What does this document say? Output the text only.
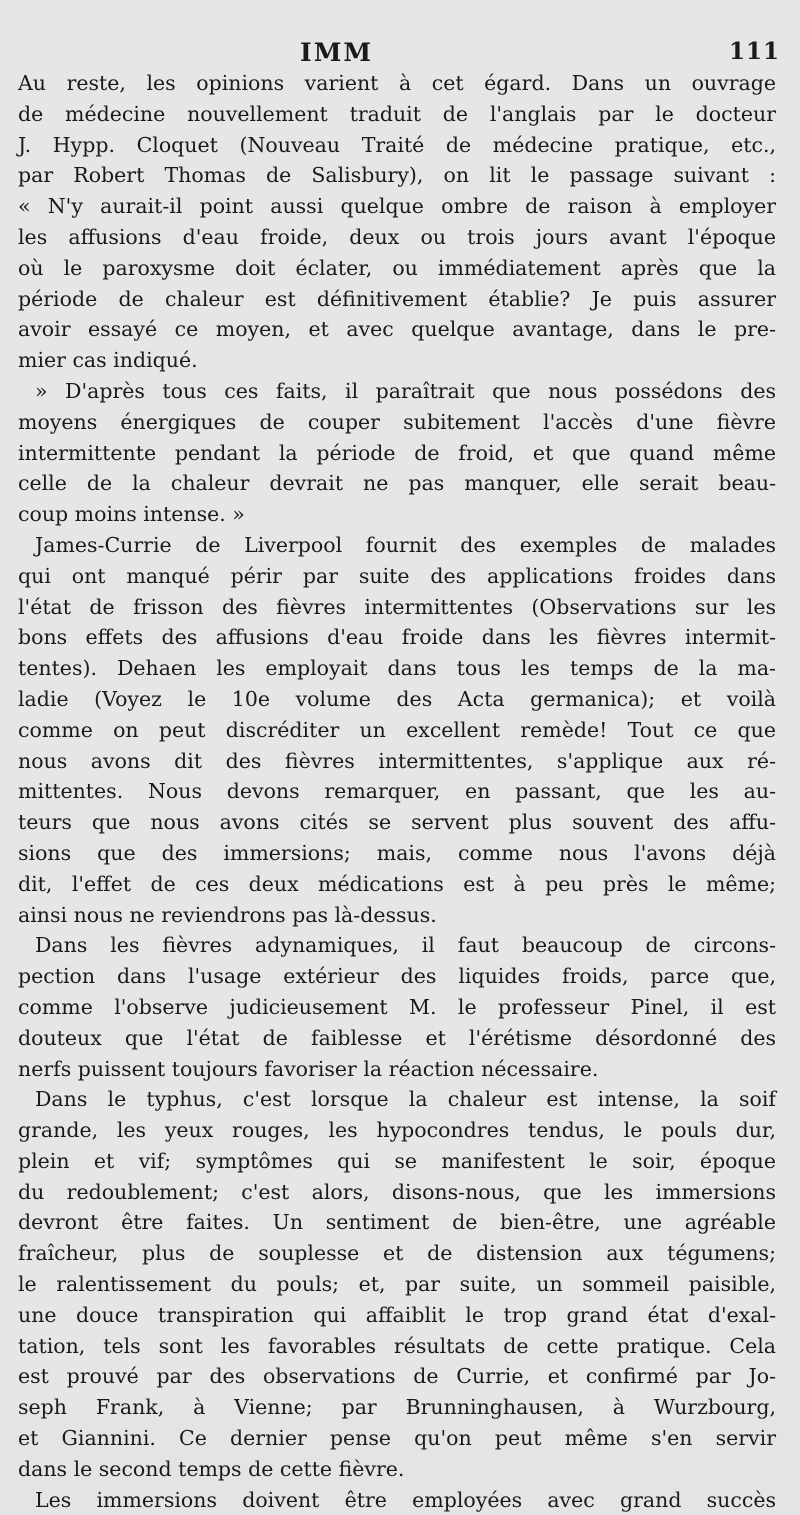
IMM	111
Au reste, les opinions varient à cet égard. Dans un ouvrage
de médecine nouvellement traduit de l'anglais par le docteur
J. Hypp. Cloquet (Nouveau Traité de médecine pratique, etc.,
par Robert Thomas de Salisbury), on lit le passage suivant :
« N'y aurait-il point aussi quelque ombre de raison à employer
les affusions d'eau froide, deux ou trois jours avant l'époque
où le paroxysme doit éclater, ou immédiatement après que la
période de chaleur est définitivement établie? Je puis assurer
avoir essayé ce moyen, et avec quelque avantage, dans le pre-
mier cas indiqué.
» D'après tous ces faits, il paraîtrait que nous possédons des
moyens énergiques de couper subitement l'accès d'une fièvre
intermittente pendant la période de froid, et que quand même
celle de la chaleur devrait ne pas manquer, elle serait beau-
coup moins intense. »
James-Currie de Liverpool fournit des exemples de malades
qui ont manqué périr par suite des applications froides dans
l'état de frisson des fièvres intermittentes (Observations sur les
bons effets des affusions d'eau froide dans les fièvres intermit-
tentes). Dehaen les employait dans tous les temps de la ma-
ladie (Voyez le 10e volume des Acta germanica); et voilà
comme on peut discréditer un excellent remède! Tout ce que
nous avons dit des fièvres intermittentes, s'applique aux ré-
mittentes. Nous devons remarquer, en passant, que les au-
teurs que nous avons cités se servent plus souvent des affu-
sions que des immersions; mais, comme nous l'avons déjà
dit, l'effet de ces deux médications est à peu près le même;
ainsi nous ne reviendrons pas là-dessus.
Dans les fièvres adynamiques, il faut beaucoup de circons-
pection dans l'usage extérieur des liquides froids, parce que,
comme l'observe judicieusement M. le professeur Pinel, il est
douteux que l'état de faiblesse et l'érétisme désordonné des
nerfs puissent toujours favoriser la réaction nécessaire.
Dans le typhus, c'est lorsque la chaleur est intense, la soif
grande, les yeux rouges, les hypocondres tendus, le pouls dur,
plein et vif; symptômes qui se manifestent le soir, époque
du redoublement; c'est alors, disons-nous, que les immersions
devront être faites. Un sentiment de bien-être, une agréable
fraîcheur, plus de souplesse et de distension aux tégumens;
le ralentissement du pouls; et, par suite, un sommeil paisible,
une douce transpiration qui affaiblit le trop grand état d'exal-
tation, tels sont les favorables résultats de cette pratique. Cela
est prouvé par des observations de Currie, et confirmé par Jo-
seph Frank, à Vienne; par Brunninghausen, à Wurzbourg,
et Giannini. Ce dernier pense qu'on peut même s'en servir
dans le second temps de cette fièvre.
Les immersions doivent être employées avec grand succès
